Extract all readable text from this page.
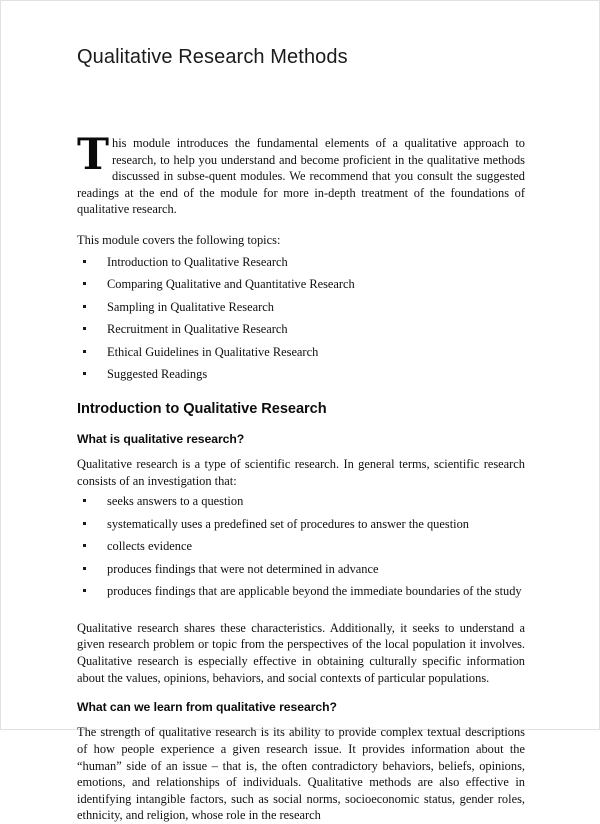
Qualitative Research Methods

This module introduces the fundamental elements of a qualitative approach to research, to help you understand and become proficient in the qualitative methods discussed in subse-quent modules. We recommend that you consult the suggested readings at the end of the module for more in-depth treatment of the foundations of qualitative research.

This module covers the following topics:

Introduction to Qualitative Research
Comparing Qualitative and Quantitative Research
Sampling in Qualitative Research
Recruitment in Qualitative Research
Ethical Guidelines in Qualitative Research
Suggested Readings
Introduction to Qualitative Research
What is qualitative research?

Qualitative research is a type of scientific research. In general terms, scientific research consists of an investigation that:

seeks answers to a question
systematically uses a predefined set of procedures to answer the question
collects evidence
produces findings that were not determined in advance
produces findings that are applicable beyond the immediate boundaries of the study

Qualitative research shares these characteristics. Additionally, it seeks to understand a given research problem or topic from the perspectives of the local population it involves. Qualitative research is especially effective in obtaining culturally specific information about the values, opinions, behaviors, and social contexts of particular populations.

What can we learn from qualitative research?

The strength of qualitative research is its ability to provide complex textual descriptions of how people experience a given research issue. It provides information about the “human” side of an issue – that is, the often contradictory behaviors, beliefs, opinions, emotions, and relationships of individuals. Qualitative methods are also effective in identifying intangible factors, such as social norms, socioeconomic status, gender roles, ethnicity, and religion, whose role in the research
